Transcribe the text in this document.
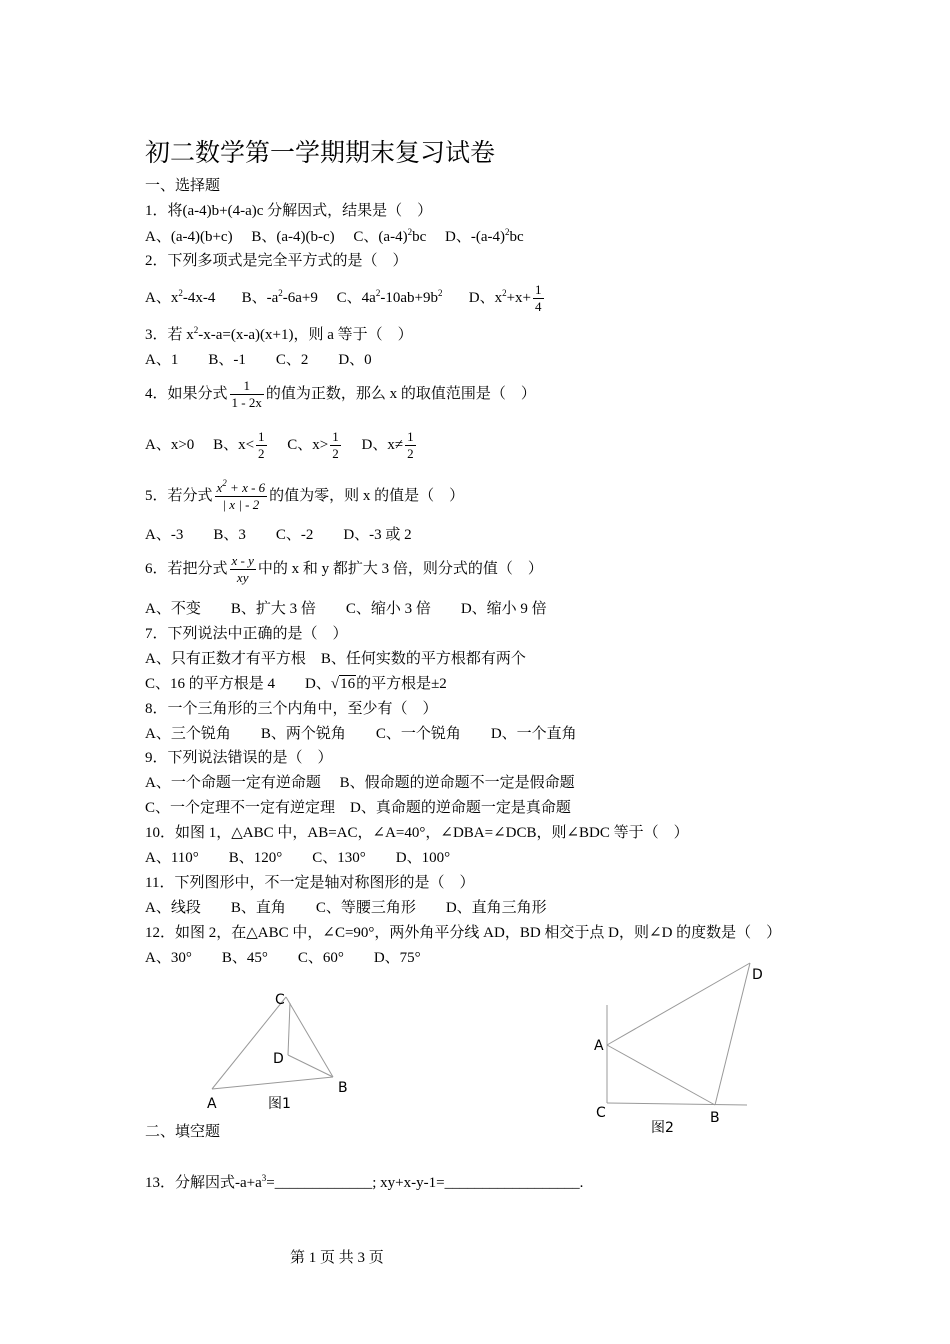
初二数学第一学期期末复习试卷
一、选择题
1．将(a-4)b+(4-a)c 分解因式，结果是（　）
A、(a-4)(b+c)　 B、(a-4)(b-c)　 C、$(a-4)^2bc$　 D、$-(a-4)^2bc$
2．下列多项式是完全平方式的是（　）
A、$x^2-4x-4$　  B、$-a^2-6a+9$　 C、$4a^2-10ab+9b^2$　  D、$x^2+x+ \frac{1}{4}$
3．若 $x^2-x-a=(x-a)(x+1)$，则 a 等于（　）
A、1　　B、-1　　C、2　　D、0
4．如果分式 $\frac{1}{1 - 2x}$ 的值为正数，那么 x 的取值范围是（　）
A、x>0　 B、$x< \frac{1}{2}$
　 C、$x> \frac{1}{2}$
　 D、$x\ne \frac{1}{2}$
5．若分式 $\frac{x^2 + x - 6}{| x | - 2}$ 的值为零，则 x 的值是（　）
A、-3　　B、3　　C、-2　　D、-3 或 2
6．若把分式 $\frac{x - y}{xy}$ 中的 x 和 y 都扩大 3 倍，则分式的值（　）
A、不变　　B、扩大 3 倍　　C、缩小 3 倍　　D、缩小 9 倍
7．下列说法中正确的是（　）
A、只有正数才有平方根　B、任何实数的平方根都有两个
C、16 的平方根是 4　　D、√16的平方根是±2
8．一个三角形的三个内角中，至少有（　）
A、三个锐角　　B、两个锐角　　C、一个锐角　　D、一个直角
9．下列说法错误的是（　）
A、一个命题一定有逆命题　 B、假命题的逆命题不一定是假命题
C、一个定理不一定有逆定理　D、真命题的逆命题一定是真命题
10．如图 1，△ABC 中，AB=AC，∠A=40°，∠DBA=∠DCB，则∠BDC 等于（　）
A、110°　　B、120°　　C、130°　　D、100°
11．下列图形中，不一定是轴对称图形的是（　）
A、线段　　B、直角　　C、等腰三角形　　D、直角三角形
12．如图 2，在△ABC 中，∠C=90°，两外角平分线 AD，BD 相交于点 D，则∠D 的度数是（　）
A、30°　　B、45°　　C、60°　　D、75°
C
D
B
A	图1
D
A
C	B
图2
二、填空题
13．分解因式$-a+a^3=\_\_\_\_\_\_\_\_\_\_\_\_\_$; xy+x-y-1=__________________.
第 1 页 共 3 页
